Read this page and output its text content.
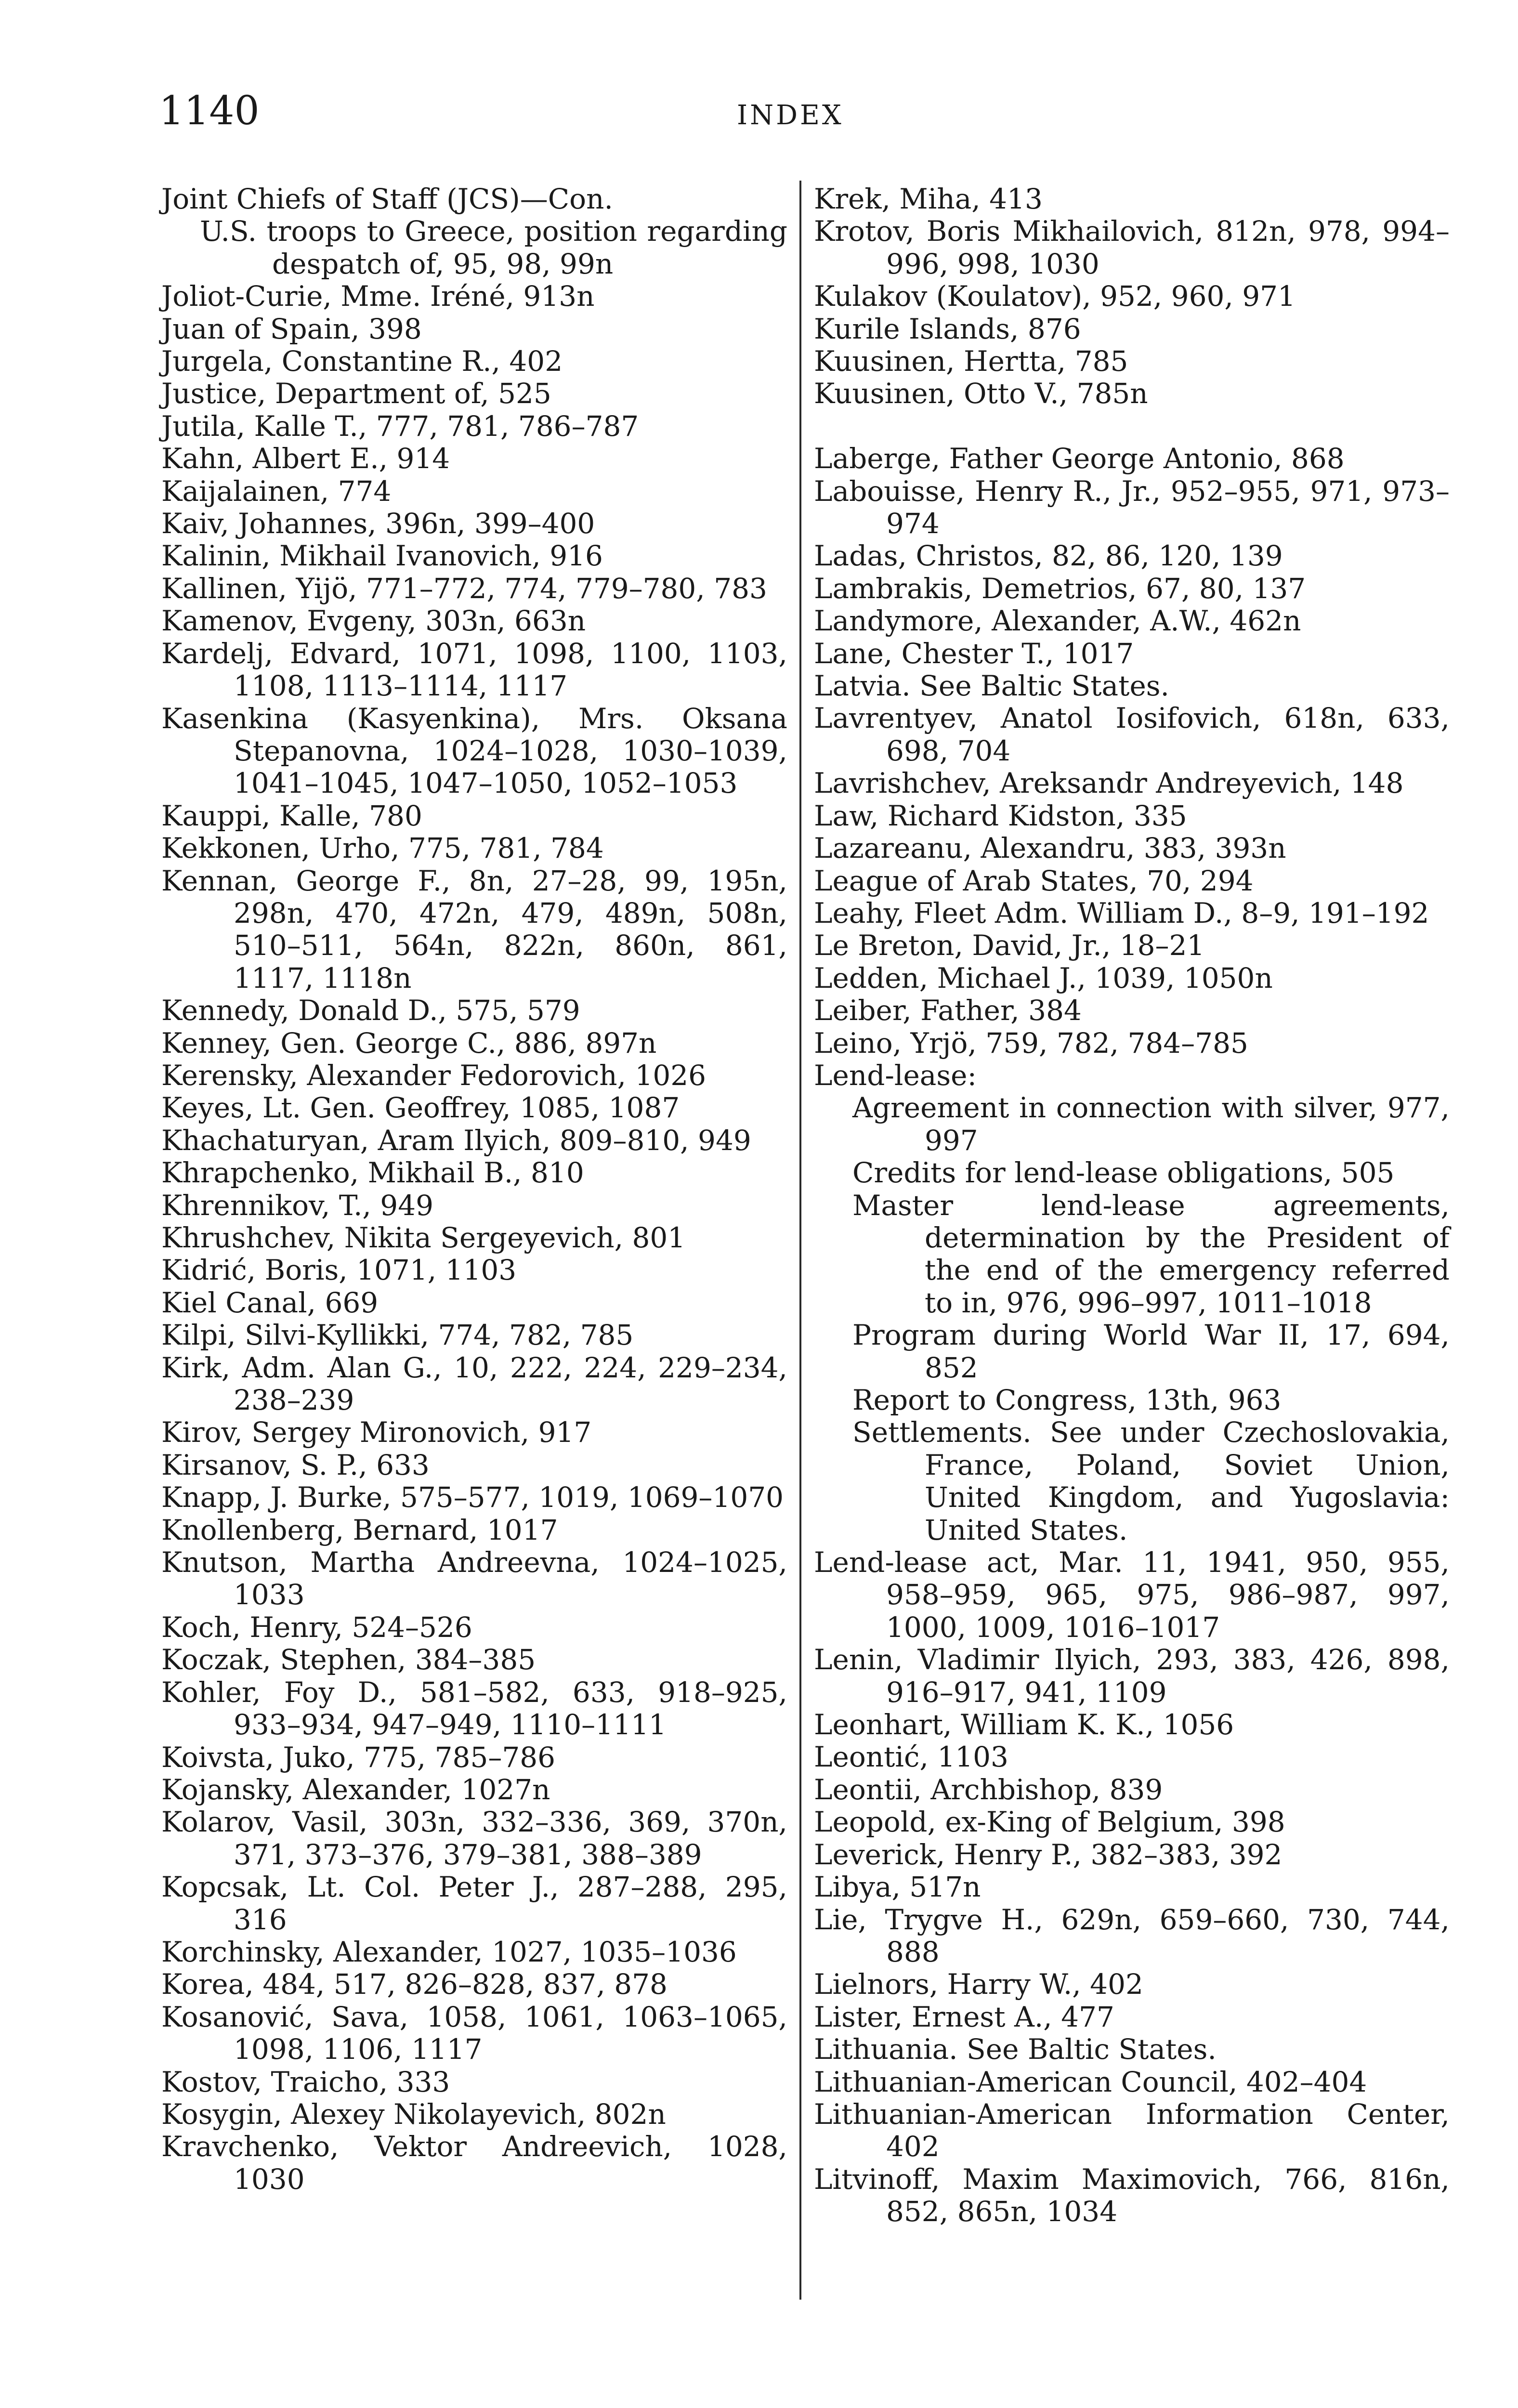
1140	INDEX
Joint Chiefs of Staff (JCS)—Con.
U.S. troops to Greece, position regarding despatch of, 95, 98, 99n
Joliot-Curie, Mme. Iréné, 913n
Juan of Spain, 398
Jurgela, Constantine R., 402
Justice, Department of, 525
Jutila, Kalle T., 777, 781, 786–787
Kahn, Albert E., 914
Kaijalainen, 774
Kaiv, Johannes, 396n, 399–400
Kalinin, Mikhail Ivanovich, 916
Kallinen, Yijö, 771–772, 774, 779–780, 783
Kamenov, Evgeny, 303n, 663n
Kardelj, Edvard, 1071, 1098, 1100, 1103, 1108, 1113–1114, 1117
Kasenkina (Kasyenkina), Mrs. Oksana Stepanovna, 1024–1028, 1030–1039, 1041–1045, 1047–1050, 1052–1053
Kauppi, Kalle, 780
Kekkonen, Urho, 775, 781, 784
Kennan, George F., 8n, 27–28, 99, 195n, 298n, 470, 472n, 479, 489n, 508n, 510–511, 564n, 822n, 860n, 861, 1117, 1118n
Kennedy, Donald D., 575, 579
Kenney, Gen. George C., 886, 897n
Kerensky, Alexander Fedorovich, 1026
Keyes, Lt. Gen. Geoffrey, 1085, 1087
Khachaturyan, Aram Ilyich, 809–810, 949
Khrapchenko, Mikhail B., 810
Khrennikov, T., 949
Khrushchev, Nikita Sergeyevich, 801
Kidrić, Boris, 1071, 1103
Kiel Canal, 669
Kilpi, Silvi-Kyllikki, 774, 782, 785
Kirk, Adm. Alan G., 10, 222, 224, 229–234, 238–239
Kirov, Sergey Mironovich, 917
Kirsanov, S. P., 633
Knapp, J. Burke, 575–577, 1019, 1069–1070
Knollenberg, Bernard, 1017
Knutson, Martha Andreevna, 1024–1025, 1033
Koch, Henry, 524–526
Koczak, Stephen, 384–385
Kohler, Foy D., 581–582, 633, 918–925, 933–934, 947–949, 1110–1111
Koivsta, Juko, 775, 785–786
Kojansky, Alexander, 1027n
Kolarov, Vasil, 303n, 332–336, 369, 370n, 371, 373–376, 379–381, 388–389
Kopcsak, Lt. Col. Peter J., 287–288, 295, 316
Korchinsky, Alexander, 1027, 1035–1036
Korea, 484, 517, 826–828, 837, 878
Kosanović, Sava, 1058, 1061, 1063–1065, 1098, 1106, 1117
Kostov, Traicho, 333
Kosygin, Alexey Nikolayevich, 802n
Kravchenko, Vektor Andreevich, 1028, 1030
Krek, Miha, 413
Krotov, Boris Mikhailovich, 812n, 978, 994–996, 998, 1030
Kulakov (Koulatov), 952, 960, 971
Kurile Islands, 876
Kuusinen, Hertta, 785
Kuusinen, Otto V., 785n
Laberge, Father George Antonio, 868
Labouisse, Henry R., Jr., 952–955, 971, 973–974
Ladas, Christos, 82, 86, 120, 139
Lambrakis, Demetrios, 67, 80, 137
Landymore, Alexander, A.W., 462n
Lane, Chester T., 1017
Latvia. See Baltic States.
Lavrentyev, Anatol Iosifovich, 618n, 633, 698, 704
Lavrishchev, Areksandr Andreyevich, 148
Law, Richard Kidston, 335
Lazareanu, Alexandru, 383, 393n
League of Arab States, 70, 294
Leahy, Fleet Adm. William D., 8–9, 191–192
Le Breton, David, Jr., 18–21
Ledden, Michael J., 1039, 1050n
Leiber, Father, 384
Leino, Yrjö, 759, 782, 784–785
Lend-lease:
Agreement in connection with silver, 977, 997
Credits for lend-lease obligations, 505
Master lend-lease agreements, determination by the President of the end of the emergency referred to in, 976, 996–997, 1011–1018
Program during World War II, 17, 694, 852
Report to Congress, 13th, 963
Settlements. See under Czechoslovakia, France, Poland, Soviet Union, United Kingdom, and Yugoslavia: United States.
Lend-lease act, Mar. 11, 1941, 950, 955, 958–959, 965, 975, 986–987, 997, 1000, 1009, 1016–1017
Lenin, Vladimir Ilyich, 293, 383, 426, 898, 916–917, 941, 1109
Leonhart, William K. K., 1056
Leontić, 1103
Leontii, Archbishop, 839
Leopold, ex-King of Belgium, 398
Leverick, Henry P., 382–383, 392
Libya, 517n
Lie, Trygve H., 629n, 659–660, 730, 744, 888
Lielnors, Harry W., 402
Lister, Ernest A., 477
Lithuania. See Baltic States.
Lithuanian-American Council, 402–404
Lithuanian-American Information Center, 402
Litvinoff, Maxim Maximovich, 766, 816n, 852, 865n, 1034
